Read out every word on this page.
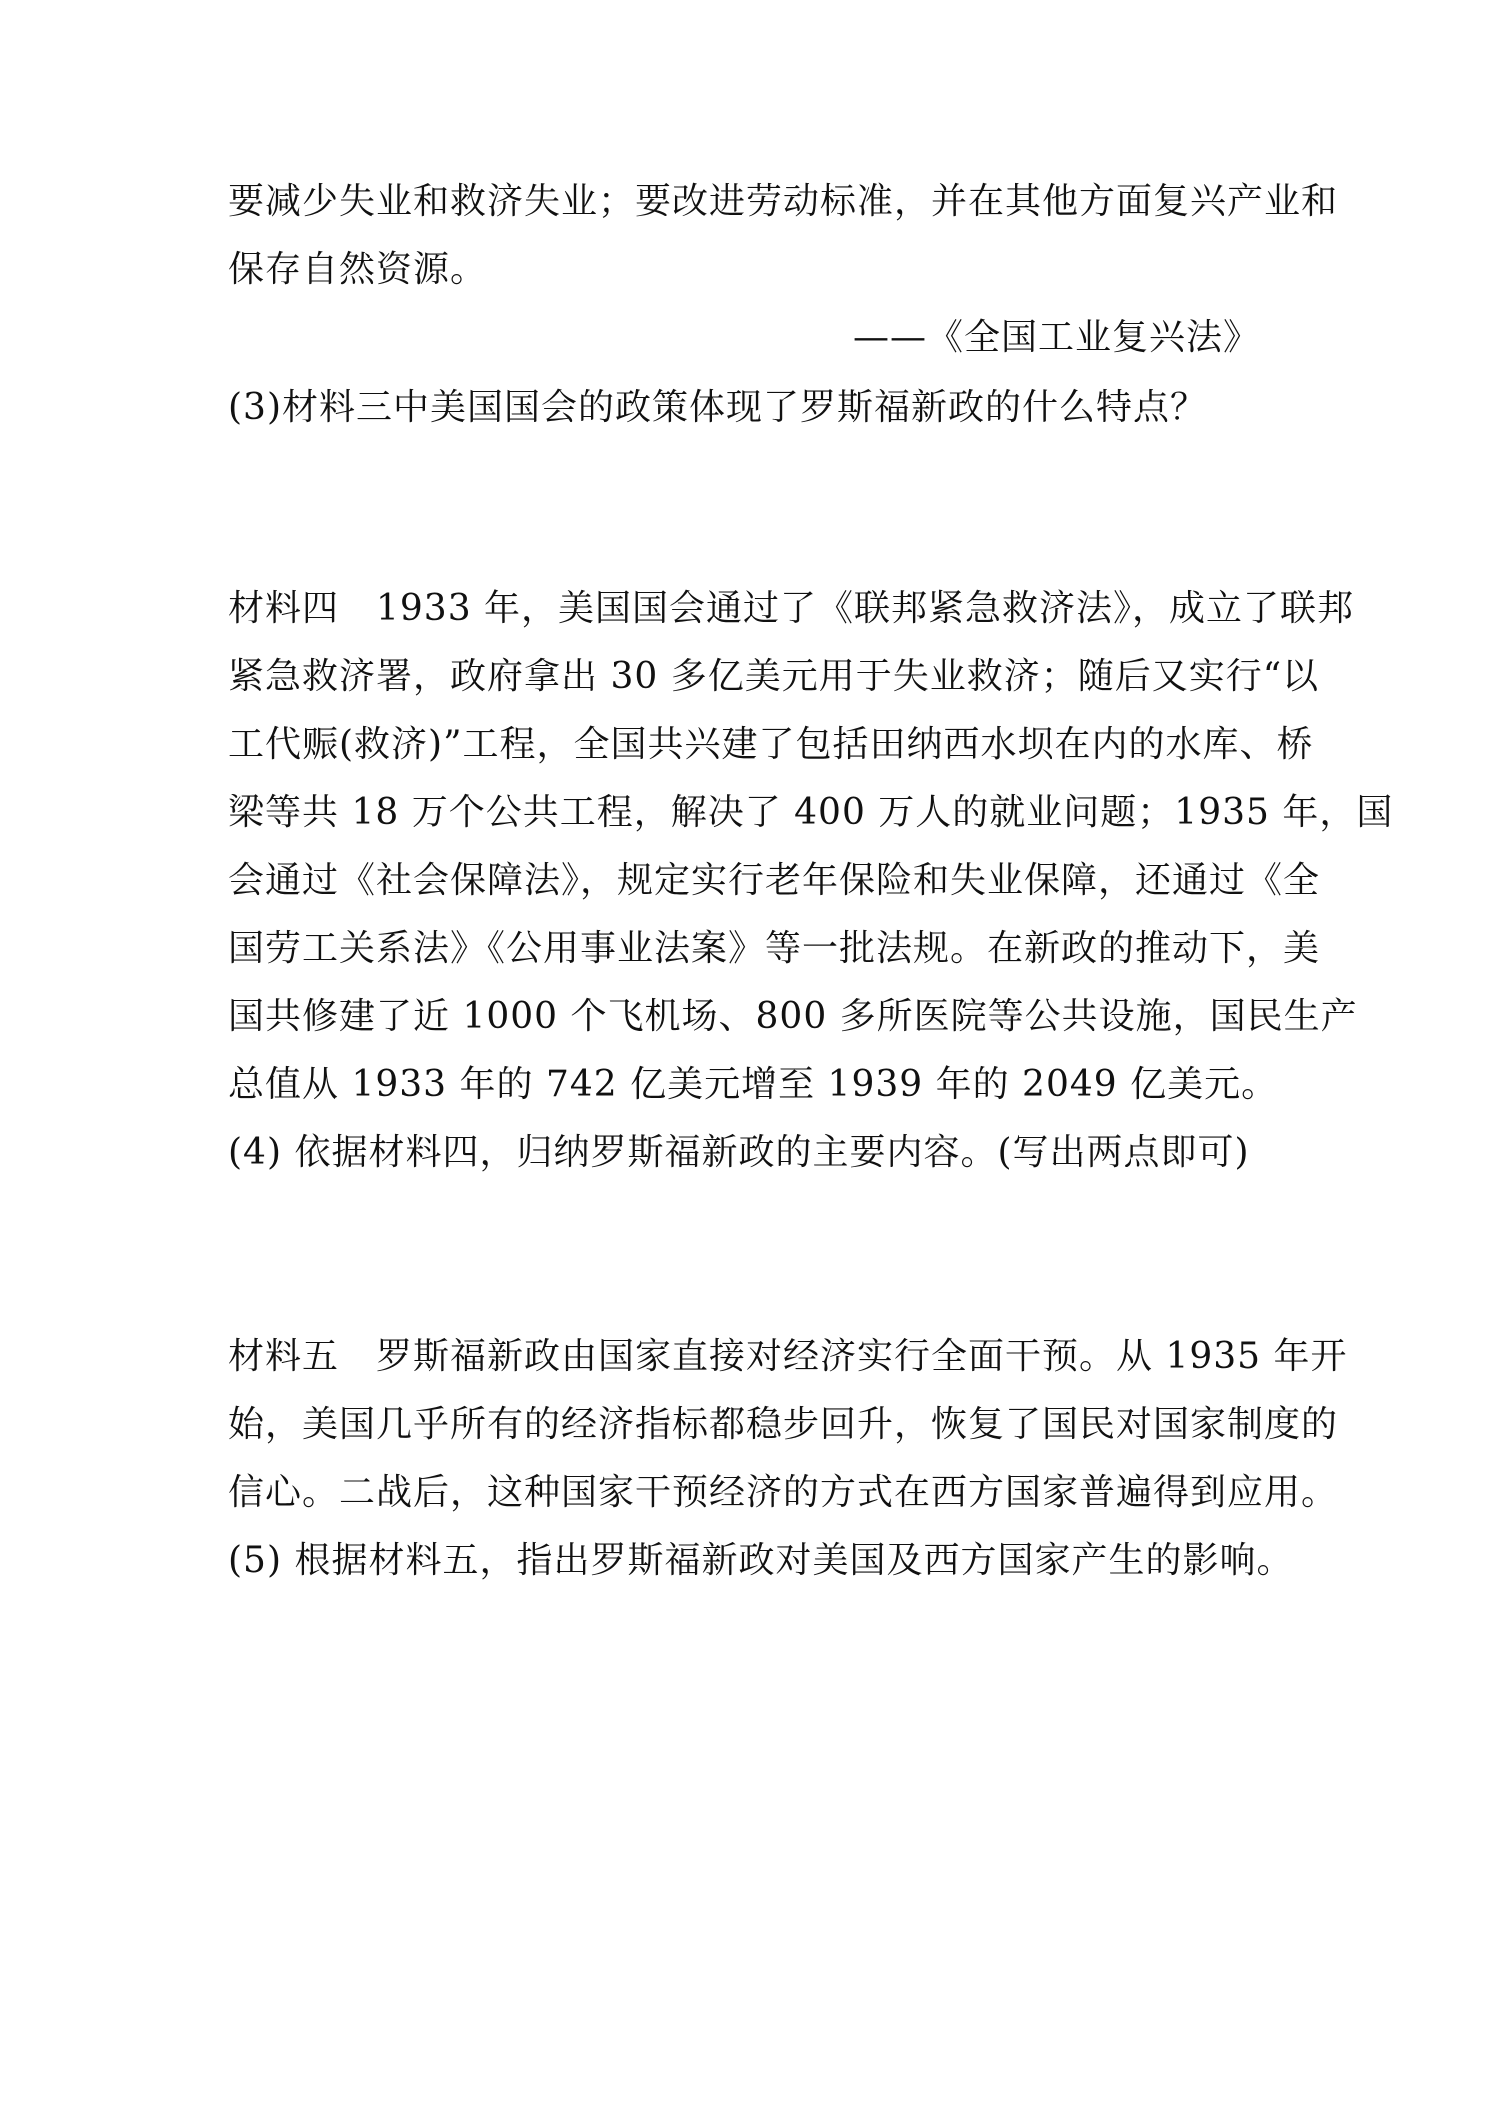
要减少失业和救济失业；要改进劳动标准，并在其他方面复兴产业和
保存自然资源。
——《全国工业复兴法》
(3)材料三中美国国会的政策体现了罗斯福新政的什么特点？
材料四　1933 年，美国国会通过了《联邦紧急救济法》，成立了联邦
紧急救济署，政府拿出 30 多亿美元用于失业救济；随后又实行“以
工代赈(救济)”工程，全国共兴建了包括田纳西水坝在内的水库、桥
梁等共 18 万个公共工程，解决了 400 万人的就业问题；1935 年，国
会通过《社会保障法》，规定实行老年保险和失业保障，还通过《全
国劳工关系法》《公用事业法案》等一批法规。在新政的推动下，美
国共修建了近 1000 个飞机场、800 多所医院等公共设施，国民生产
总值从 1933 年的 742 亿美元增至 1939 年的 2049 亿美元。
(4) 依据材料四，归纳罗斯福新政的主要内容。(写出两点即可)
材料五　罗斯福新政由国家直接对经济实行全面干预。从 1935 年开
始，美国几乎所有的经济指标都稳步回升，恢复了国民对国家制度的
信心。二战后，这种国家干预经济的方式在西方国家普遍得到应用。
(5) 根据材料五，指出罗斯福新政对美国及西方国家产生的影响。
